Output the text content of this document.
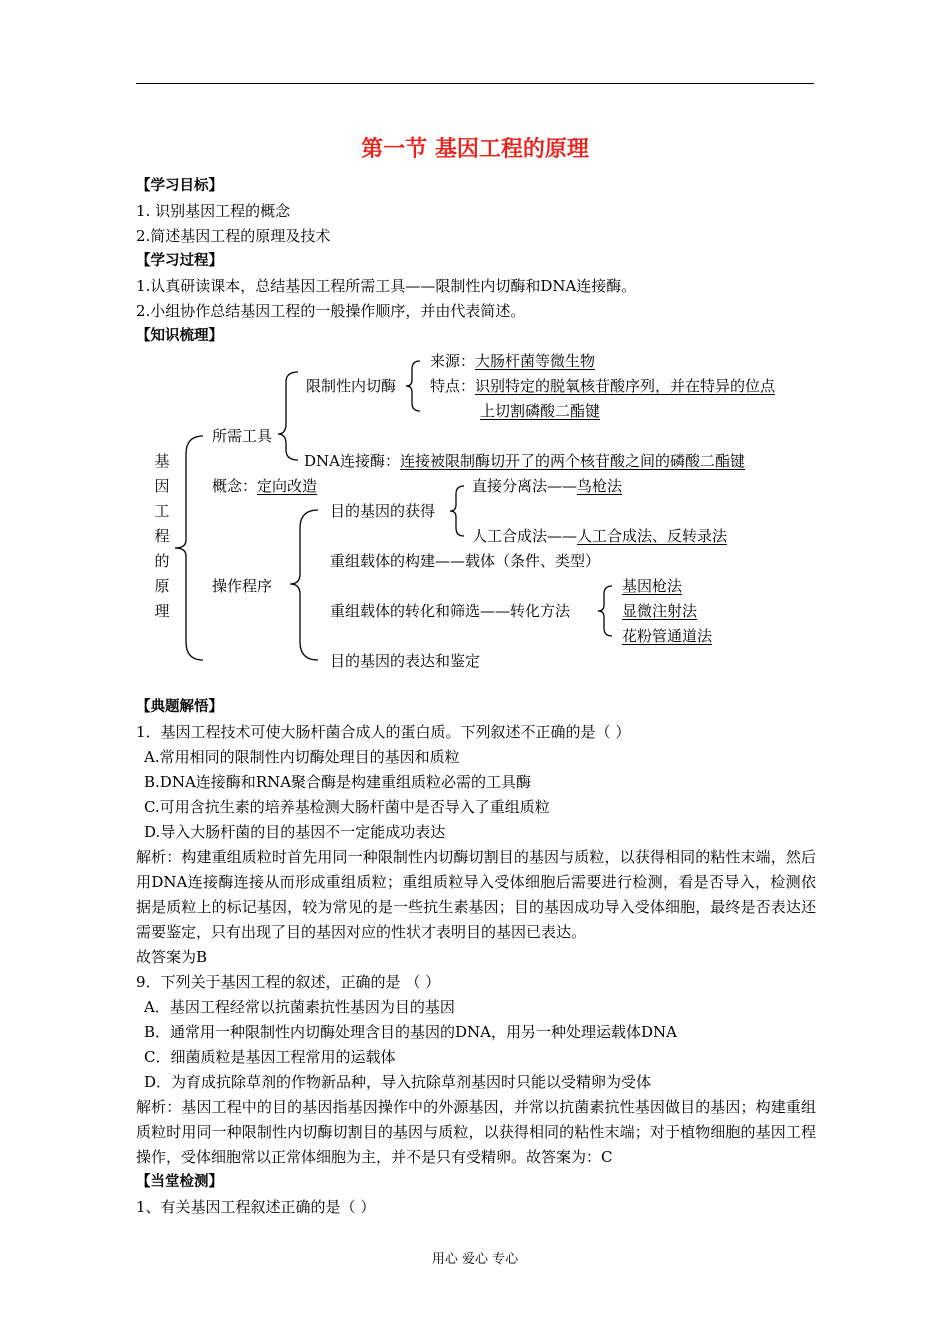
第一节 基因工程的原理
【学习目标】
1. 识别基因工程的概念
2.简述基因工程的原理及技术
【学习过程】
1.认真研读课本，总结基因工程所需工具——限制性内切酶和DNA连接酶。
2.小组协作总结基因工程的一般操作顺序，并由代表简述。
【知识梳理】
基
因
工
程
的
原
理
所需工具
限制性内切酶
来源：大肠杆菌等微生物
特点：识别特定的脱氧核苷酸序列，并在特异的位点
上切割磷酸二酯键
DNA连接酶：连接被限制酶切开了的两个核苷酸之间的磷酸二酯键
概念：定向改造
操作程序
目的基因的获得
直接分离法——鸟枪法
人工合成法——人工合成法、反转录法
重组载体的构建——载体（条件、类型）
重组载体的转化和筛选——转化方法
基因枪法
显微注射法
花粉管通道法
目的基因的表达和鉴定
【典题解悟】
1．基因工程技术可使大肠杆菌合成人的蛋白质。下列叙述不正确的是（ ）
A.常用相同的限制性内切酶处理目的基因和质粒
B.DNA连接酶和RNA聚合酶是构建重组质粒必需的工具酶
C.可用含抗生素的培养基检测大肠杆菌中是否导入了重组质粒
D.导入大肠杆菌的目的基因不一定能成功表达
解析：构建重组质粒时首先用同一种限制性内切酶切割目的基因与质粒，以获得相同的粘性末端，然后用DNA连接酶连接从而形成重组质粒；重组质粒导入受体细胞后需要进行检测，看是否导入，检测依据是质粒上的标记基因，较为常见的是一些抗生素基因；目的基因成功导入受体细胞，最终是否表达还需要鉴定，只有出现了目的基因对应的性状才表明目的基因已表达。
故答案为B
9．下列关于基因工程的叙述，正确的是 （ ）
A．基因工程经常以抗菌素抗性基因为目的基因
B．通常用一种限制性内切酶处理含目的基因的DNA，用另一种处理运载体DNA
C．细菌质粒是基因工程常用的运载体
D．为育成抗除草剂的作物新品种，导入抗除草剂基因时只能以受精卵为受体
解析：基因工程中的目的基因指基因操作中的外源基因，并常以抗菌素抗性基因做目的基因；构建重组质粒时用同一种限制性内切酶切割目的基因与质粒，以获得相同的粘性末端；对于植物细胞的基因工程操作，受体细胞常以正常体细胞为主，并不是只有受精卵。故答案为：C
【当堂检测】
1、有关基因工程叙述正确的是（ ）
用心 爱心 专心
